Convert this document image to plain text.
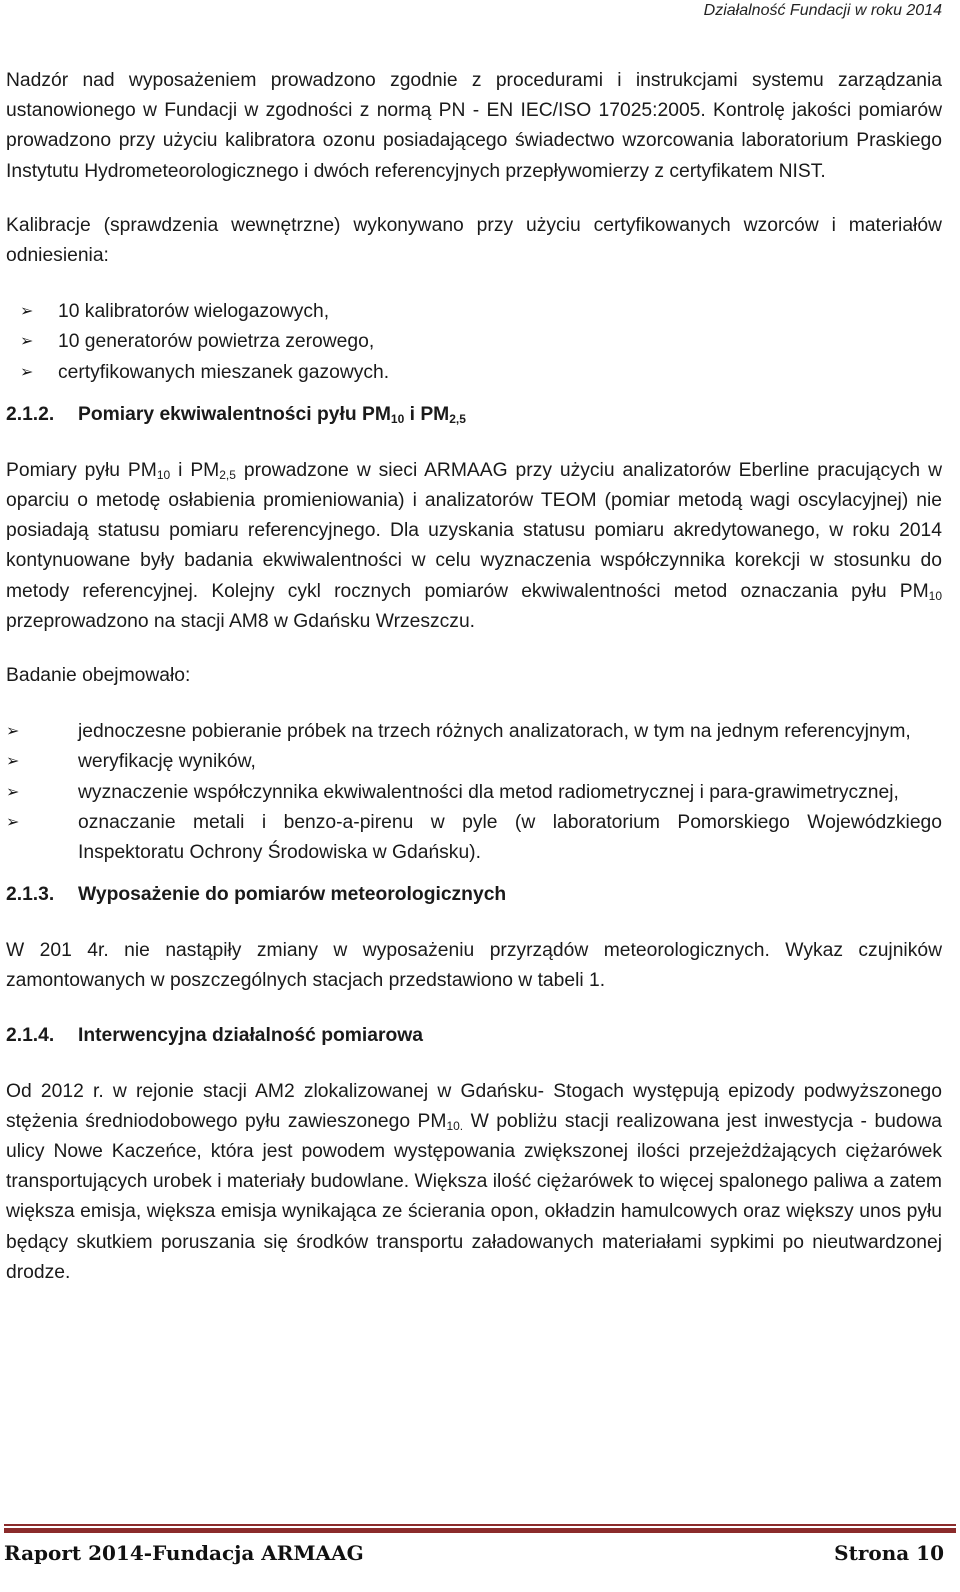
Działalność Fundacji w roku 2014

Nadzór nad wyposażeniem prowadzono zgodnie z procedurami i instrukcjami systemu zarządzania ustanowionego w Fundacji w zgodności z normą PN - EN IEC/ISO 17025:2005. Kontrolę jakości pomiarów prowadzono przy użyciu kalibratora ozonu posiadającego świadectwo wzorcowania laboratorium Praskiego Instytutu Hydrometeorologicznego i dwóch referencyjnych przepływomierzy z certyfikatem NIST.

Kalibracje (sprawdzenia wewnętrzne) wykonywano przy użyciu certyfikowanych wzorców i materiałów odniesienia:

➢ 10 kalibratorów wielogazowych,
➢ 10 generatorów powietrza zerowego,
➢ certyfikowanych mieszanek gazowych.
2.1.2. Pomiary ekwiwalentności pyłu $PM_{10}$ i $PM_{2,5}$

Pomiary pyłu $PM_{10}$ i $PM_{2,5}$ prowadzone w sieci ARMAAG przy użyciu analizatorów Eberline pracujących w oparciu o metodę osłabienia promieniowania) i analizatorów TEOM (pomiar metodą wagi oscylacyjnej) nie posiadają statusu pomiaru referencyjnego. Dla uzyskania statusu pomiaru akredytowanego, w roku 2014 kontynuowane były badania ekwiwalentności w celu wyznaczenia współczynnika korekcji w stosunku do metody referencyjnej. Kolejny cykl rocznych pomiarów ekwiwalentności metod oznaczania pyłu $PM_{10}$ przeprowadzono na stacji AM8 w Gdańsku Wrzeszczu.

Badanie obejmowało:

➢	jednoczesne pobieranie próbek na trzech różnych analizatorach, w tym na jednym referencyjnym,
➢	weryfikację wyników,
➢	wyznaczenie współczynnika ekwiwalentności dla metod radiometrycznej i para-grawimetrycznej,
➢	oznaczanie metali i benzo-a-pirenu w pyle (w laboratorium Pomorskiego Wojewódzkiego Inspektoratu Ochrony Środowiska w Gdańsku).
2.1.3. Wyposażenie do pomiarów meteorologicznych

W 201 4r. nie nastąpiły zmiany w wyposażeniu przyrządów meteorologicznych. Wykaz czujników zamontowanych w poszczególnych stacjach przedstawiono w tabeli 1.

2.1.4. Interwencyjna działalność pomiarowa

Od 2012 r. w rejonie stacji AM2 zlokalizowanej w Gdańsku- Stogach występują epizody podwyższonego stężenia średniodobowego pyłu zawieszonego $PM_{10.}$ W pobliżu stacji realizowana jest inwestycja - budowa ulicy Nowe Kaczeńce, która jest powodem występowania zwiększonej ilości przejeżdżających ciężarówek transportujących urobek i materiały budowlane. Większa ilość ciężarówek to więcej spalonego paliwa a zatem większa emisja, większa emisja wynikająca ze ścierania opon, okładzin hamulcowych oraz większy unos pyłu będący skutkiem poruszania się środków transportu załadowanych materiałami sypkimi po nieutwardzonej drodze.

Raport 2014-Fundacja ARMAAG	Strona 10
